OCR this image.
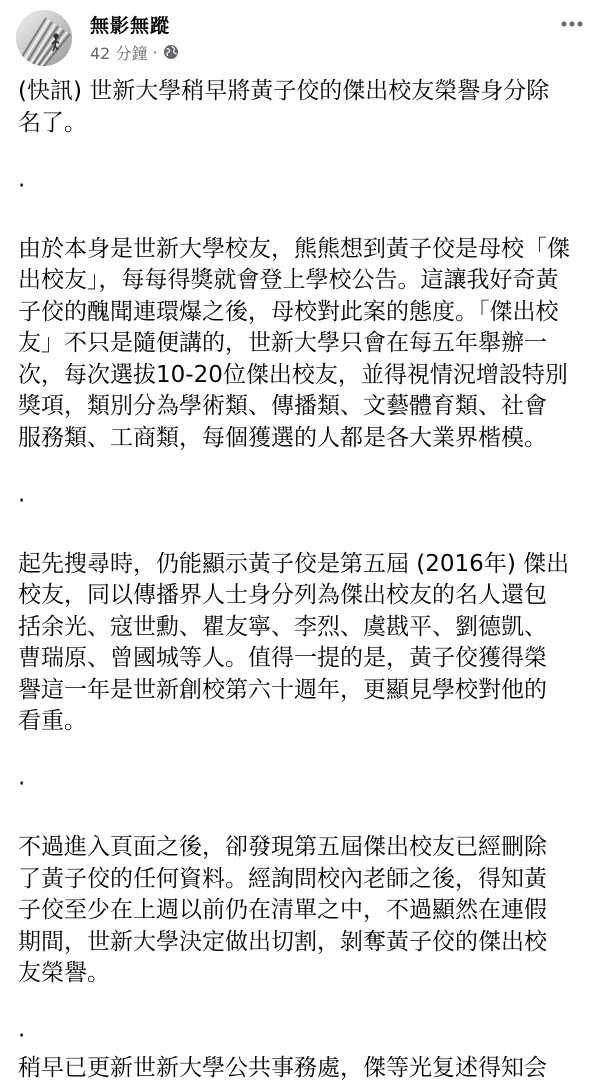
無影無蹤
42 分鐘 ·

(快訊) 世新大學稍早將黃子佼的傑出校友榮譽身分除
名了。

·

由於本身是世新大學校友，熊熊想到黃子佼是母校「傑
出校友」，每每得獎就會登上學校公告。這讓我好奇黃
子佼的醜聞連環爆之後，母校對此案的態度。「傑出校
友」不只是隨便講的，世新大學只會在每五年舉辦一
次，每次選拔10-20位傑出校友，並得視情況增設特別
獎項，類別分為學術類、傳播類、文藝體育類、社會
服務類、工商類，每個獲選的人都是各大業界楷模。

·

起先搜尋時，仍能顯示黃子佼是第五屆 (2016年) 傑出
校友，同以傳播界人士身分列為傑出校友的名人還包
括余光、寇世勳、瞿友寧、李烈、虞戡平、劉德凱、
曹瑞原、曾國城等人。值得一提的是，黃子佼獲得榮
譽這一年是世新創校第六十週年，更顯見學校對他的
看重。

·

不過進入頁面之後，卻發現第五屆傑出校友已經刪除
了黃子佼的任何資料。經詢問校內老師之後，得知黃
子佼至少在上週以前仍在清單之中，不過顯然在連假
期間，世新大學決定做出切割，剝奪黃子佼的傑出校
友榮譽。

·

稍早已更新世新大學公共事務處，傑等光复述得知会
